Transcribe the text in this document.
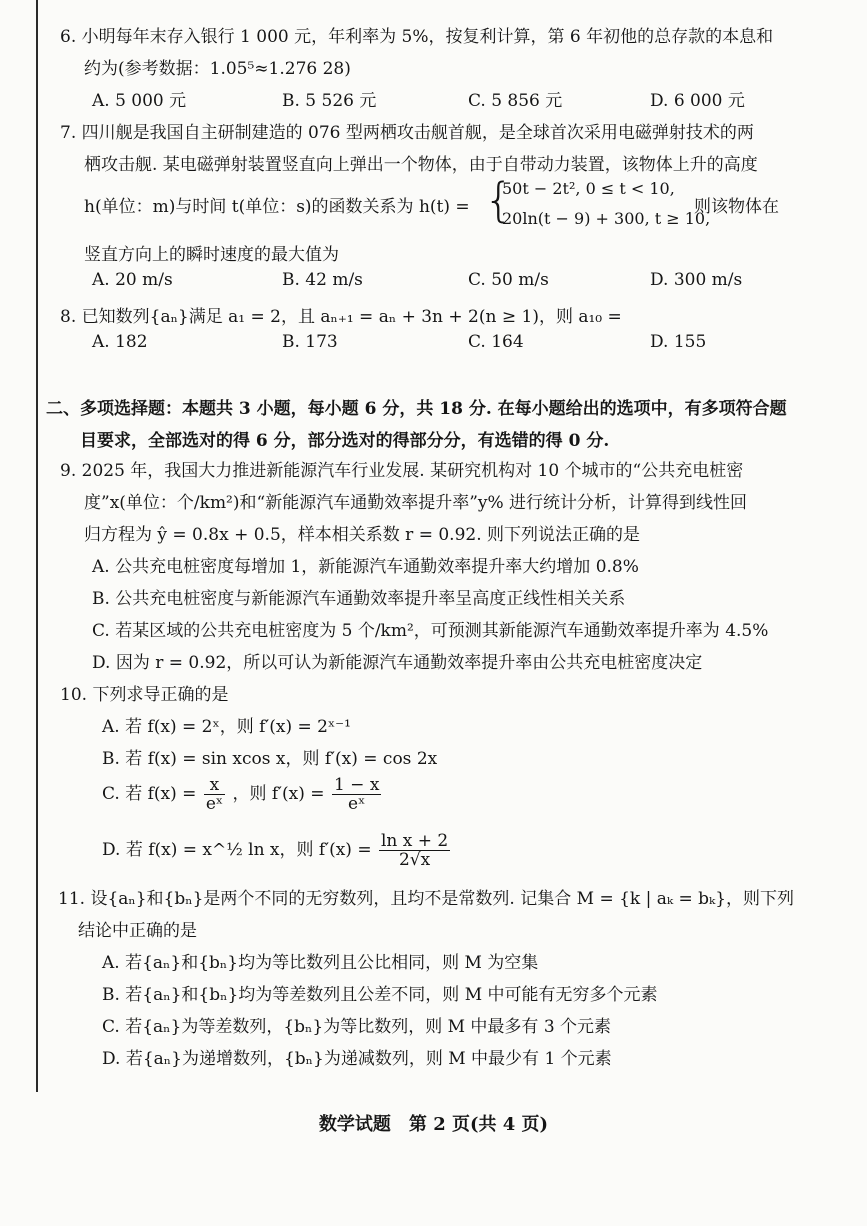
6. 小明每年末存入银行 1 000 元，年利率为 5%，按复利计算，第 6 年初他的总存款的本息和
约为(参考数据：1.05⁵≈1.276 28)
A. 5 000 元	B. 5 526 元	C. 5 856 元	D. 6 000 元
7. 四川舰是我国自主研制建造的 076 型两栖攻击舰首舰，是全球首次采用电磁弹射技术的两
栖攻击舰. 某电磁弹射装置竖直向上弹出一个物体，由于自带动力装置，该物体上升的高度
h(单位：m)与时间 t(单位：s)的函数关系为 h(t) = {
50t − 2t², 0 ≤ t < 10,
20ln(t − 9) + 300, t ≥ 10,
则该物体在
竖直方向上的瞬时速度的最大值为
A. 20 m/s	B. 42 m/s	C. 50 m/s	D. 300 m/s
8. 已知数列{aₙ}满足 a₁ = 2，且 aₙ₊₁ = aₙ + 3n + 2(n ≥ 1)，则 a₁₀ =
A. 182	B. 173	C. 164	D. 155
二、多项选择题：本题共 3 小题，每小题 6 分，共 18 分. 在每小题给出的选项中，有多项符合题
目要求，全部选对的得 6 分，部分选对的得部分分，有选错的得 0 分.
9. 2025 年，我国大力推进新能源汽车行业发展. 某研究机构对 10 个城市的“公共充电桩密
度”x(单位：个/km²)和“新能源汽车通勤效率提升率”y% 进行统计分析，计算得到线性回
归方程为 ŷ = 0.8x + 0.5，样本相关系数 r = 0.92. 则下列说法正确的是
A. 公共充电桩密度每增加 1，新能源汽车通勤效率提升率大约增加 0.8%
B. 公共充电桩密度与新能源汽车通勤效率提升率呈高度正线性相关关系
C. 若某区域的公共充电桩密度为 5 个/km²，可预测其新能源汽车通勤效率提升率为 4.5%
D. 因为 r = 0.92，所以可认为新能源汽车通勤效率提升率由公共充电桩密度决定
10. 下列求导正确的是
A. 若 f(x) = 2ˣ，则 f′(x) = 2ˣ⁻¹
B. 若 f(x) = sin xcos x，则 f′(x) = cos 2x
C. 若 $f(x) = \frac{x}{\text{eˣ}}$ ，则 $f'(x) = \frac{1 - x}{\text{eˣ}}$
D. 若 f(x) = x^½ ln x，则 $f'(x) = \frac{\text{ln x + 2}}{2√x}$
11. 设{aₙ}和{bₙ}是两个不同的无穷数列，且均不是常数列. 记集合 M = {k | aₖ = bₖ}，则下列
结论中正确的是
A. 若{aₙ}和{bₙ}均为等比数列且公比相同，则 M 为空集
B. 若{aₙ}和{bₙ}均为等差数列且公差不同，则 M 中可能有无穷多个元素
C. 若{aₙ}为等差数列，{bₙ}为等比数列，则 M 中最多有 3 个元素
D. 若{aₙ}为递增数列，{bₙ}为递减数列，则 M 中最少有 1 个元素
数学试题　第 2 页(共 4 页)
